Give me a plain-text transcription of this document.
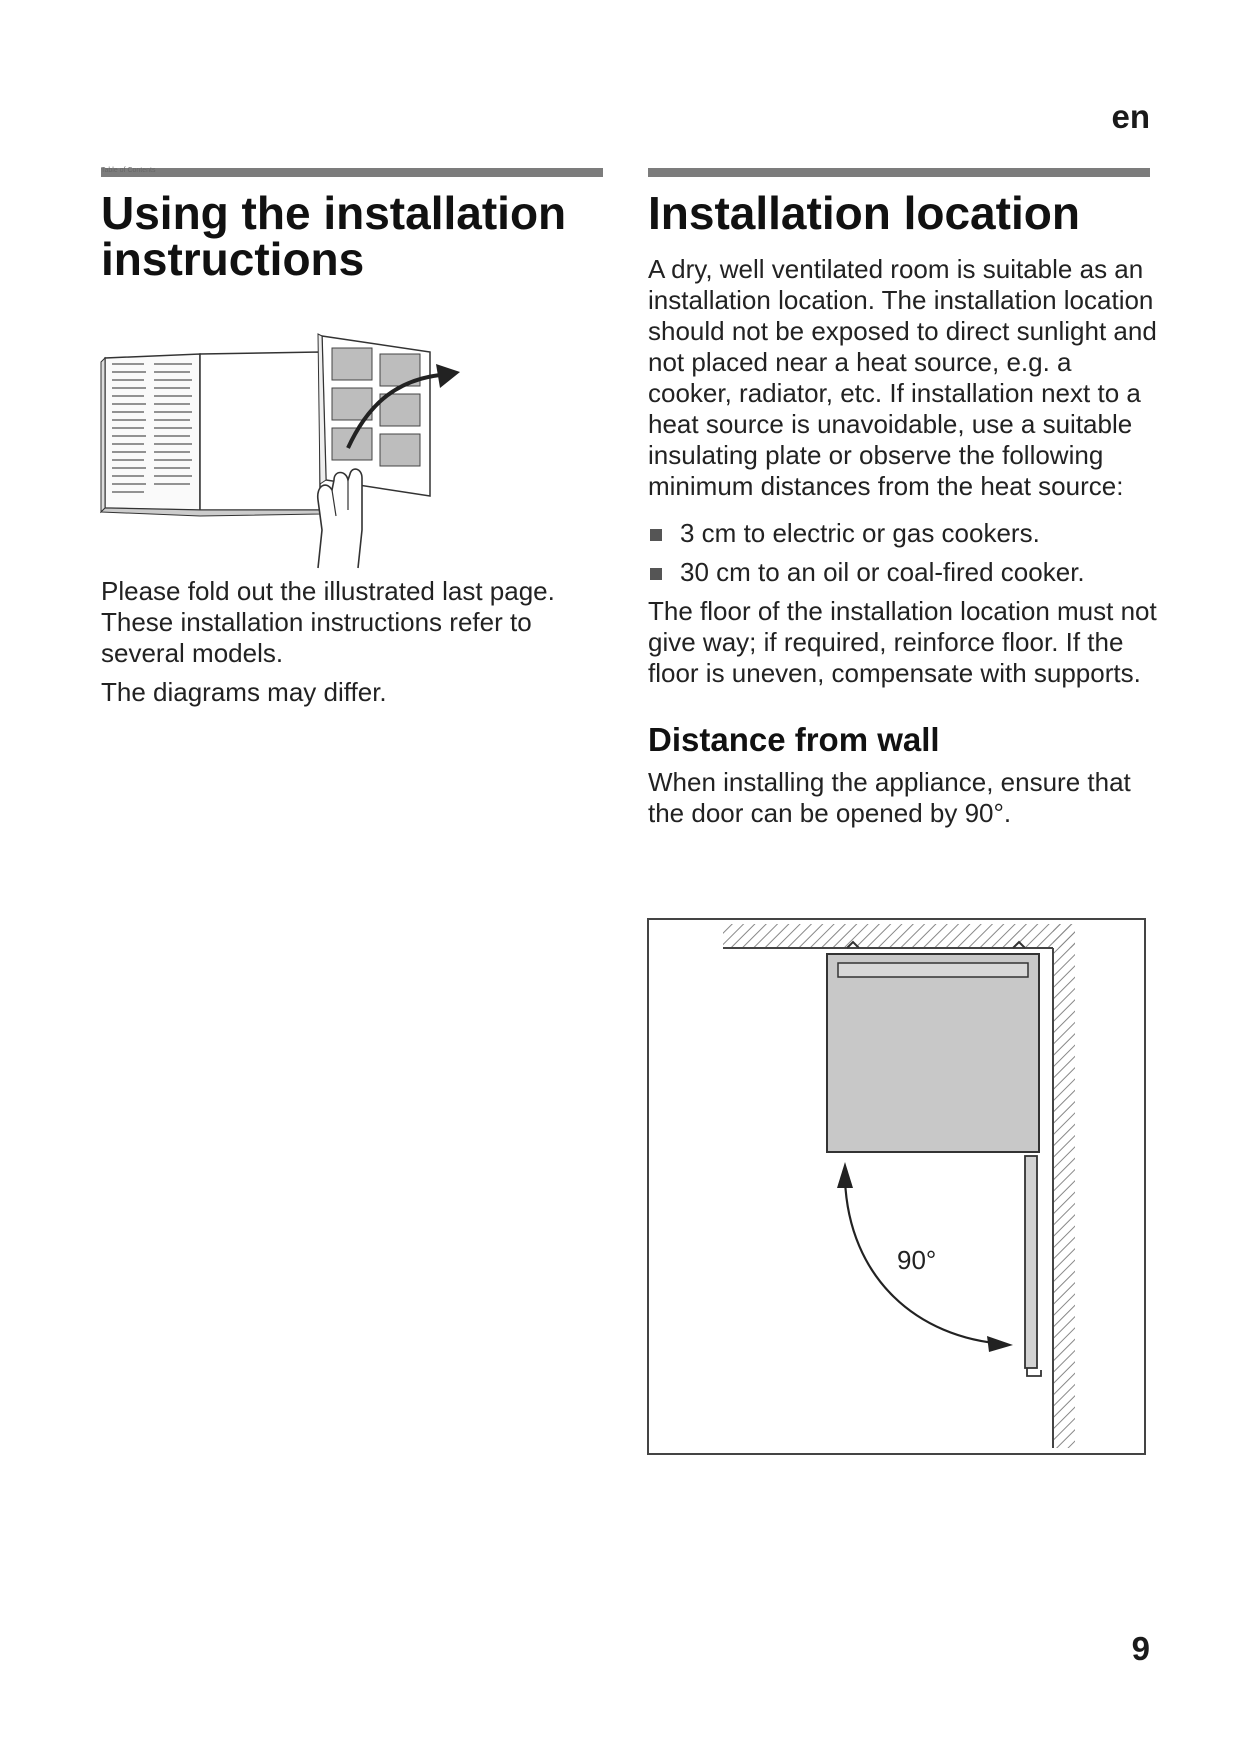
en
Table of Contents
Using the installation
instructions

Please fold out the illustrated last page. These installation instructions refer to several models.

The diagrams may differ.

Installation location

A dry, well ventilated room is suitable as an installation location. The installation location should not be exposed to direct sunlight and not placed near a heat source, e.g. a cooker, radiator, etc. If installation next to a heat source is unavoidable, use a suitable insulating plate or observe the following minimum distances from the heat source:

3 cm to electric or gas cookers.
30 cm to an oil or coal-fired cooker.

The floor of the installation location must not give way; if required, reinforce floor. If the floor is uneven, compensate with supports.

Distance from wall

When installing the appliance, ensure that the door can be opened by 90°.

90°
9
